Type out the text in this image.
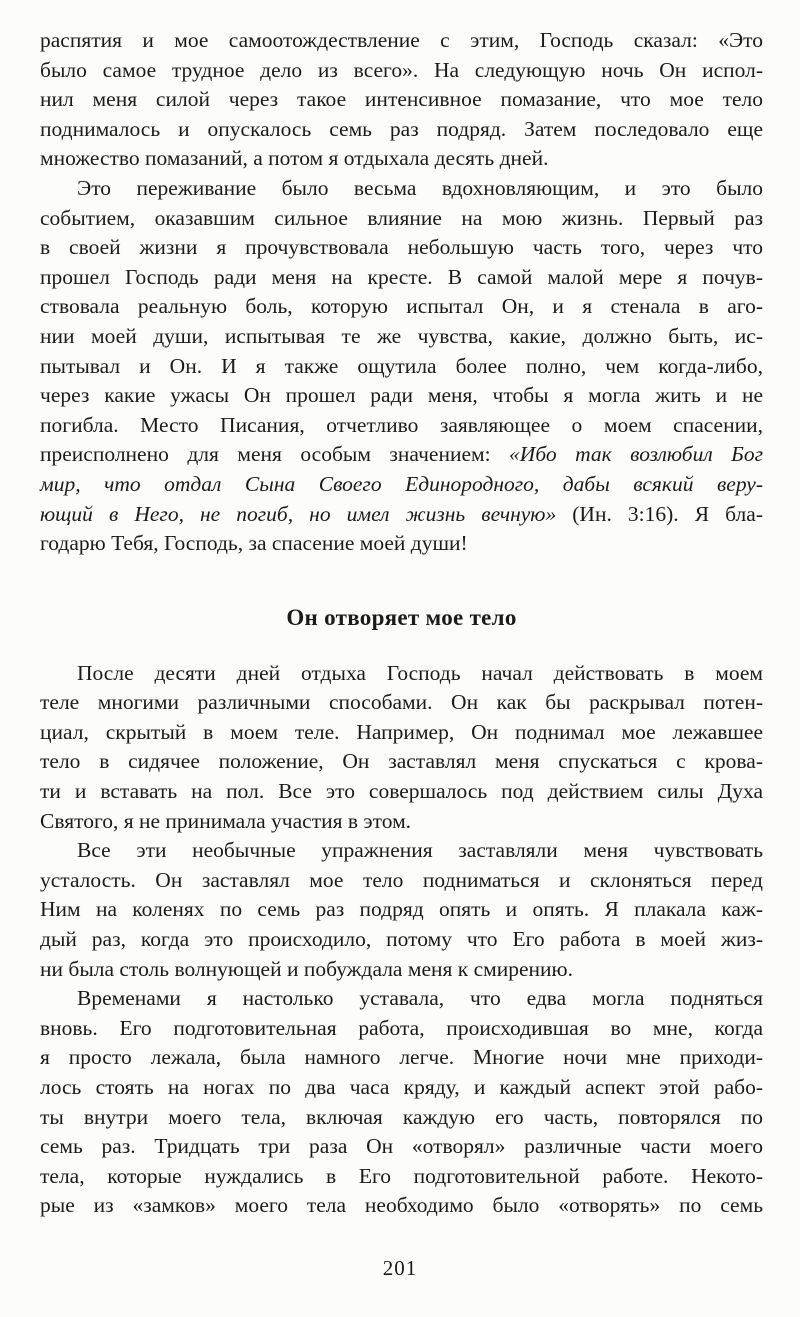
распятия и мое самоотождествление с этим, Господь сказал: «Это
было самое трудное дело из всего». На следующую ночь Он испол-
нил меня силой через такое интенсивное помазание, что мое тело
поднималось и опускалось семь раз подряд. Затем последовало еще
множество помазаний, а потом я отдыхала десять дней.
Это переживание было весьма вдохновляющим, и это было
событием, оказавшим сильное влияние на мою жизнь. Первый раз
в своей жизни я прочувствовала небольшую часть того, через что
прошел Господь ради меня на кресте. В самой малой мере я почув-
ствовала реальную боль, которую испытал Он, и я стенала в аго-
нии моей души, испытывая те же чувства, какие, должно быть, ис-
пытывал и Он. И я также ощутила более полно, чем когда-либо,
через какие ужасы Он прошел ради меня, чтобы я могла жить и не
погибла. Место Писания, отчетливо заявляющее о моем спасении,
преисполнено для меня особым значением: «Ибо так возлюбил Бог
мир, что отдал Сына Своего Единородного, дабы всякий веру-
ющий в Него, не погиб, но имел жизнь вечную» (Ин. 3:16). Я бла-
годарю Тебя, Господь, за спасение моей души!
Он отворяет мое тело
После десяти дней отдыха Господь начал действовать в моем
теле многими различными способами. Он как бы раскрывал потен-
циал, скрытый в моем теле. Например, Он поднимал мое лежавшее
тело в сидячее положение, Он заставлял меня спускаться с крова-
ти и вставать на пол. Все это совершалось под действием силы Духа
Святого, я не принимала участия в этом.
Все эти необычные упражнения заставляли меня чувствовать
усталость. Он заставлял мое тело подниматься и склоняться перед
Ним на коленях по семь раз подряд опять и опять. Я плакала каж-
дый раз, когда это происходило, потому что Его работа в моей жиз-
ни была столь волнующей и побуждала меня к смирению.
Временами я настолько уставала, что едва могла подняться
вновь. Его подготовительная работа, происходившая во мне, когда
я просто лежала, была намного легче. Многие ночи мне приходи-
лось стоять на ногах по два часа кряду, и каждый аспект этой рабо-
ты внутри моего тела, включая каждую его часть, повторялся по
семь раз. Тридцать три раза Он «отворял» различные части моего
тела, которые нуждались в Его подготовительной работе. Некото-
рые из «замков» моего тела необходимо было «отворять» по семь
201
